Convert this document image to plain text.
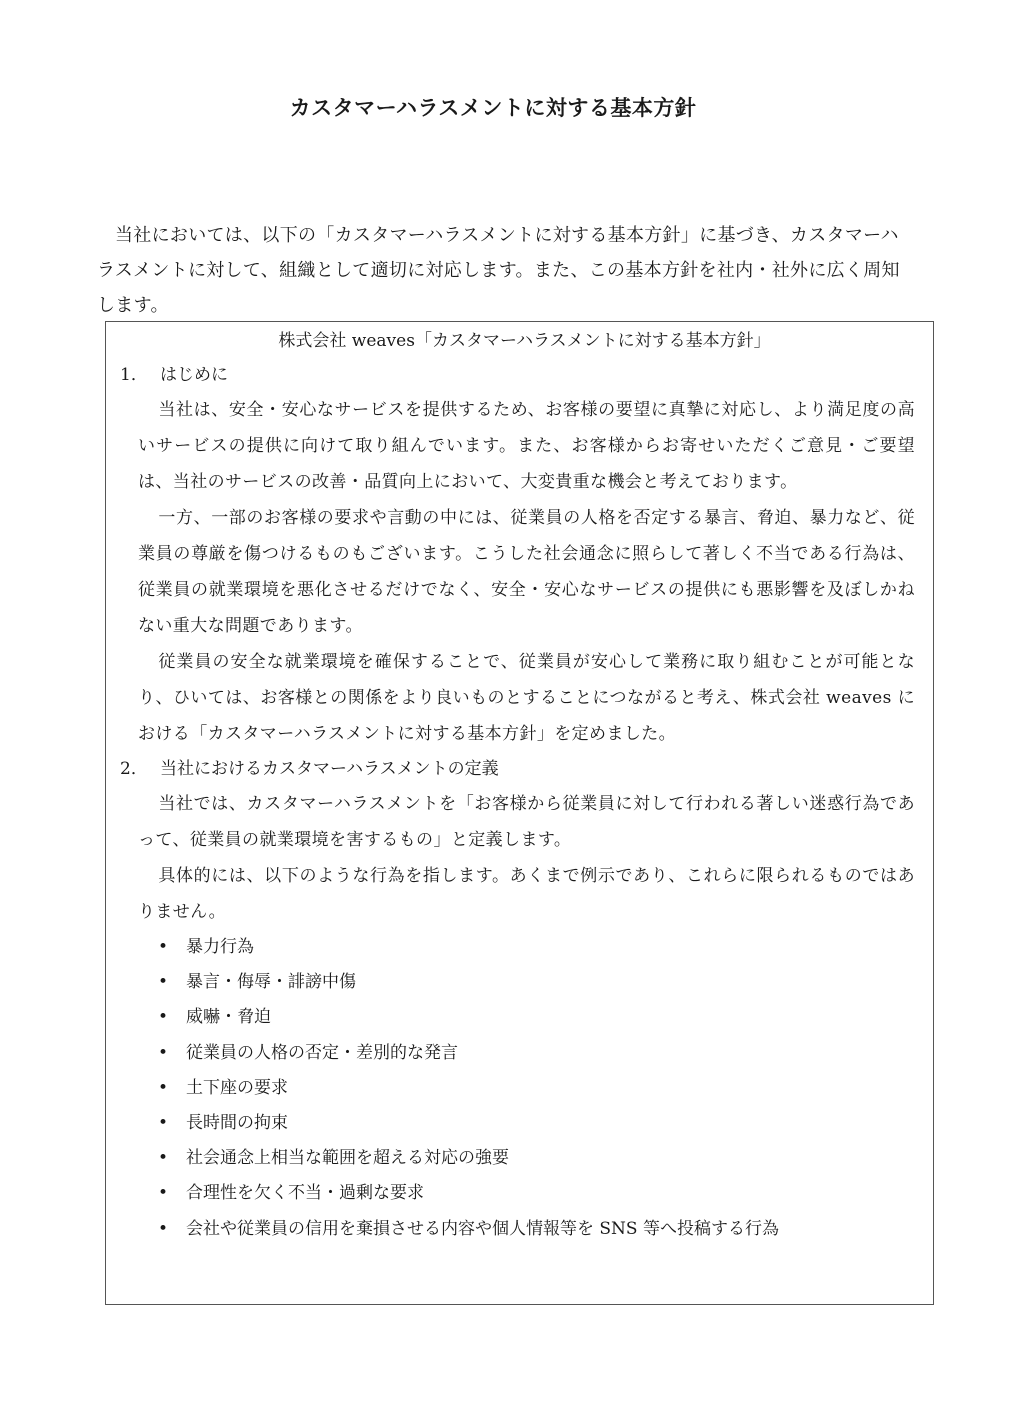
カスタマーハラスメントに対する基本方針

当社においては、以下の「カスタマーハラスメントに対する基本方針」に基づき、カスタマーハラスメントに対して、組織として適切に対応します。また、この基本方針を社内・社外に広く周知します。

株式会社 weaves「カスタマーハラスメントに対する基本方針」
1． はじめに

当社は、安全・安心なサービスを提供するため、お客様の要望に真摯に対応し、より満足度の高いサービスの提供に向けて取り組んでいます。また、お客様からお寄せいただくご意見・ご要望は、当社のサービスの改善・品質向上において、大変貴重な機会と考えております。

一方、一部のお客様の要求や言動の中には、従業員の人格を否定する暴言、脅迫、暴力など、従業員の尊厳を傷つけるものもございます。こうした社会通念に照らして著しく不当である行為は、従業員の就業環境を悪化させるだけでなく、安全・安心なサービスの提供にも悪影響を及ぼしかねない重大な問題であります。

従業員の安全な就業環境を確保することで、従業員が安心して業務に取り組むことが可能となり、ひいては、お客様との関係をより良いものとすることにつながると考え、株式会社 weaves における「カスタマーハラスメントに対する基本方針」を定めました。

2． 当社におけるカスタマーハラスメントの定義

当社では、カスタマーハラスメントを「お客様から従業員に対して行われる著しい迷惑行為であって、従業員の就業環境を害するもの」と定義します。

具体的には、以下のような行為を指します。あくまで例示であり、これらに限られるものではありません。

• 暴力行為
• 暴言・侮辱・誹謗中傷
• 威嚇・脅迫
• 従業員の人格の否定・差別的な発言
• 土下座の要求
• 長時間の拘束
• 社会通念上相当な範囲を超える対応の強要
• 合理性を欠く不当・過剰な要求
• 会社や従業員の信用を棄損させる内容や個人情報等を SNS 等へ投稿する行為
